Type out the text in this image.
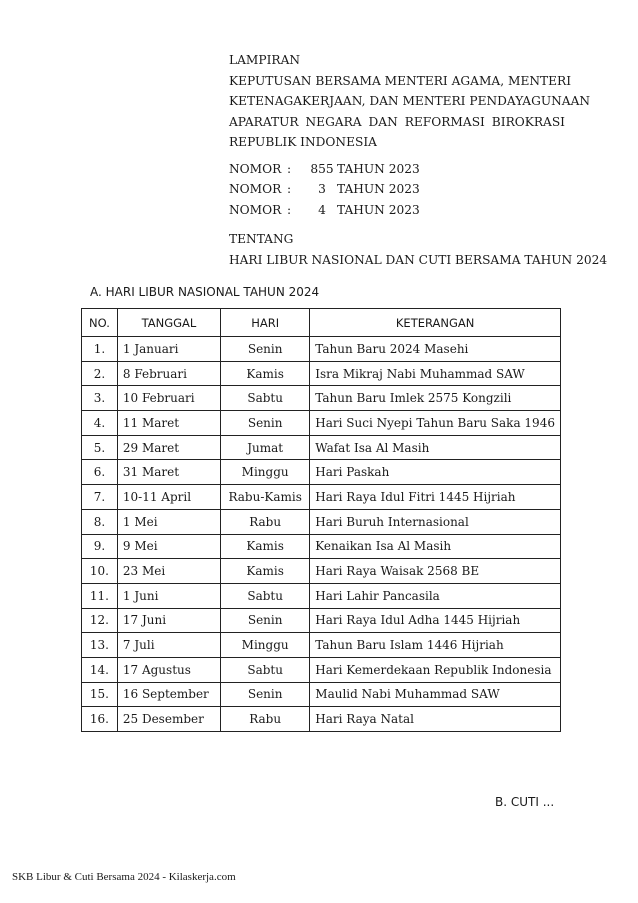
LAMPIRAN
KEPUTUSAN BERSAMA MENTERI AGAMA, MENTERI
KETENAGAKERJAAN, DAN MENTERI PENDAYAGUNAAN
APARATUR NEGARA DAN REFORMASI BIROKRASI
REPUBLIK INDONESIA
NOMOR :	855 TAHUN 2023
NOMOR :	3 TAHUN 2023
NOMOR :	4 TAHUN 2023
TENTANG
HARI LIBUR NASIONAL DAN CUTI BERSAMA TAHUN 2024
A. HARI LIBUR NASIONAL TAHUN 2024
NO.	TANGGAL	HARI	KETERANGAN
1.	1 Januari	Senin	Tahun Baru 2024 Masehi
2.	8 Februari	Kamis	Isra Mikraj Nabi Muhammad SAW
3.	10 Februari	Sabtu	Tahun Baru Imlek 2575 Kongzili
4.	11 Maret	Senin	Hari Suci Nyepi Tahun Baru Saka 1946
5.	29 Maret	Jumat	Wafat Isa Al Masih
6.	31 Maret	Minggu	Hari Paskah
7.	10-11 April	Rabu-Kamis	Hari Raya Idul Fitri 1445 Hijriah
8.	1 Mei	Rabu	Hari Buruh Internasional
9.	9 Mei	Kamis	Kenaikan Isa Al Masih
10.	23 Mei	Kamis	Hari Raya Waisak 2568 BE
11.	1 Juni	Sabtu	Hari Lahir Pancasila
12.	17 Juni	Senin	Hari Raya Idul Adha 1445 Hijriah
13.	7 Juli	Minggu	Tahun Baru Islam 1446 Hijriah
14.	17 Agustus	Sabtu	Hari Kemerdekaan Republik Indonesia
15.	16 September	Senin	Maulid Nabi Muhammad SAW
16.	25 Desember	Rabu	Hari Raya Natal
B. CUTI ...
SKB Libur & Cuti Bersama 2024 - Kilaskerja.com
